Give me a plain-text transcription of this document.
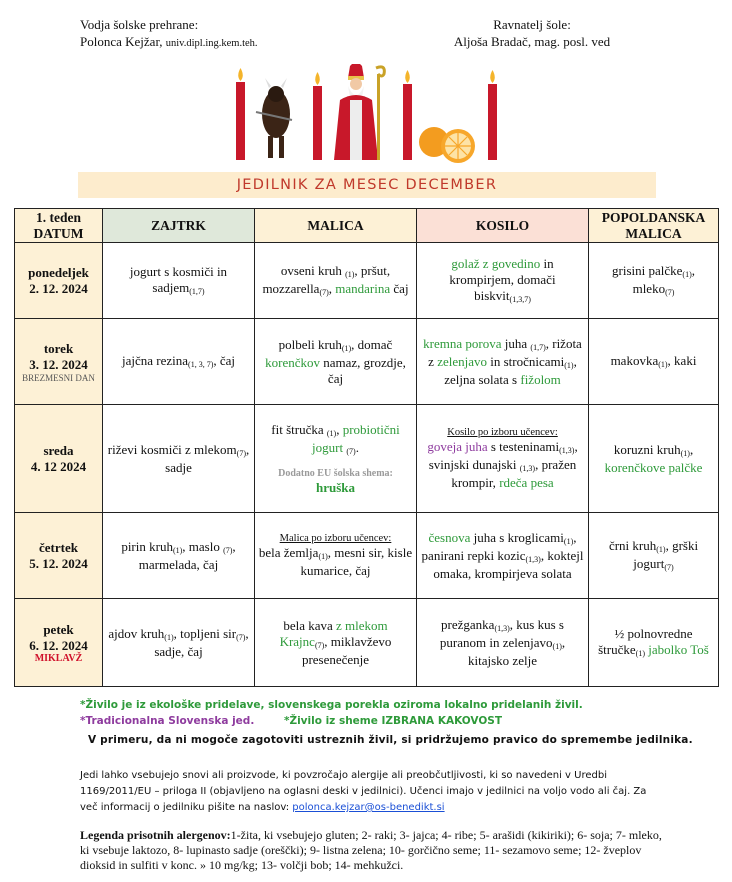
Vodja šolske prehrane:
Polonca Kejžar, univ.dipl.ing.kem.teh.
Ravnatelj šole:
Aljoša Bradač, mag. posl. ved
JEDILNIK ZA MESEC DECEMBER
1. teden
DATUM	ZAJTRK	MALICA	KOSILO	POPOLDANSKA
MALICA
ponedeljek
2. 12. 2024	jogurt s kosmiči in sadjem$_{(1,7)}$	ovseni kruh $_{(1)}$, pršut, mozzarella$_{(7)}$, mandarina čaj	golaž z govedino in krompirjem, domači biskvit$_{(1,3,7)}$	grisini palčke$_{(1)}$, mleko$_{(7)}$
torek
3. 12. 2024
BREZMESNI DAN	jajčna rezina$_{(1, 3, 7)}$, čaj	polbeli kruh$_{(1)}$, domač korenčkov namaz, grozdje, čaj	kremna porova juha $_{(1,7)}$, rižota z zelenjavo in stročnicami$_{(1)}$, zeljna solata s fižolom	makovka$_{(1)}$, kaki
sreda
4. 12 2024	riževi kosmiči z mlekom$_{(7)}$, sadje	fit štručka $_{(1)}$, probiotični jogurt $_{(7)}$.
Dodatno EU šolska shema:
hruška	Kosilo po izboru učencev:
goveja juha s testeninami$_{(1,3)}$, svinjski dunajski $_{(1,3)}$, pražen krompir, rdeča pesa	koruzni kruh$_{(1)}$, korenčkove palčke
četrtek
5. 12. 2024	pirin kruh$_{(1)}$, maslo $_{(7)}$, marmelada, čaj	Malica po izboru učencev:
bela žemlja$_{(1)}$, mesni sir, kisle kumarice, čaj	česnova juha s kroglicami$_{(1)}$, panirani repki kozic$_{(1,3)}$, koktejl omaka, krompirjeva solata	črni kruh$_{(1)}$, grški jogurt$_{(7)}$
petek
6. 12. 2024
MIKLAVŽ	ajdov kruh$_{(1)}$, topljeni sir$_{(7)}$, sadje, čaj	bela kava z mlekom Krajnc$_{(7)}$, miklavževo presenečenje	prežganka$_{(1,3)}$, kus kus s puranom in zelenjavo$_{(1)}$, kitajsko zelje	½ polnovredne štručke$_{(1)}$ jabolko Toš
*Živilo je iz ekološke pridelave, slovenskega porekla oziroma lokalno pridelanih živil.
*Tradicionalna Slovenska jed.	*Živilo iz sheme IZBRANA KAKOVOST
V primeru, da ni mogoče zagotoviti ustreznih živil, si pridržujemo pravico do spremembe jedilnika.
Jedi lahko vsebujejo snovi ali proizvode, ki povzročajo alergije ali preobčutljivosti, ki so navedeni v Uredbi 1169/2011/EU – priloga II (objavljeno na oglasni deski v jedilnici). Učenci imajo v jedilnici na voljo vodo ali čaj. Za več informacij o jedilniku pišite na naslov: polonca.kejzar@os-benedikt.si
Legenda prisotnih alergenov:1-žita, ki vsebujejo gluten; 2- raki; 3- jajca; 4- ribe; 5- arašidi (kikiriki); 6- soja; 7- mleko, ki vsebuje laktozo, 8- lupinasto sadje (oreščki); 9- listna zelena; 10- gorčično seme; 11- sezamovo seme; 12- žveplov dioksid in sulfiti v konc. » 10 mg/kg; 13- volčji bob; 14- mehkužci.
